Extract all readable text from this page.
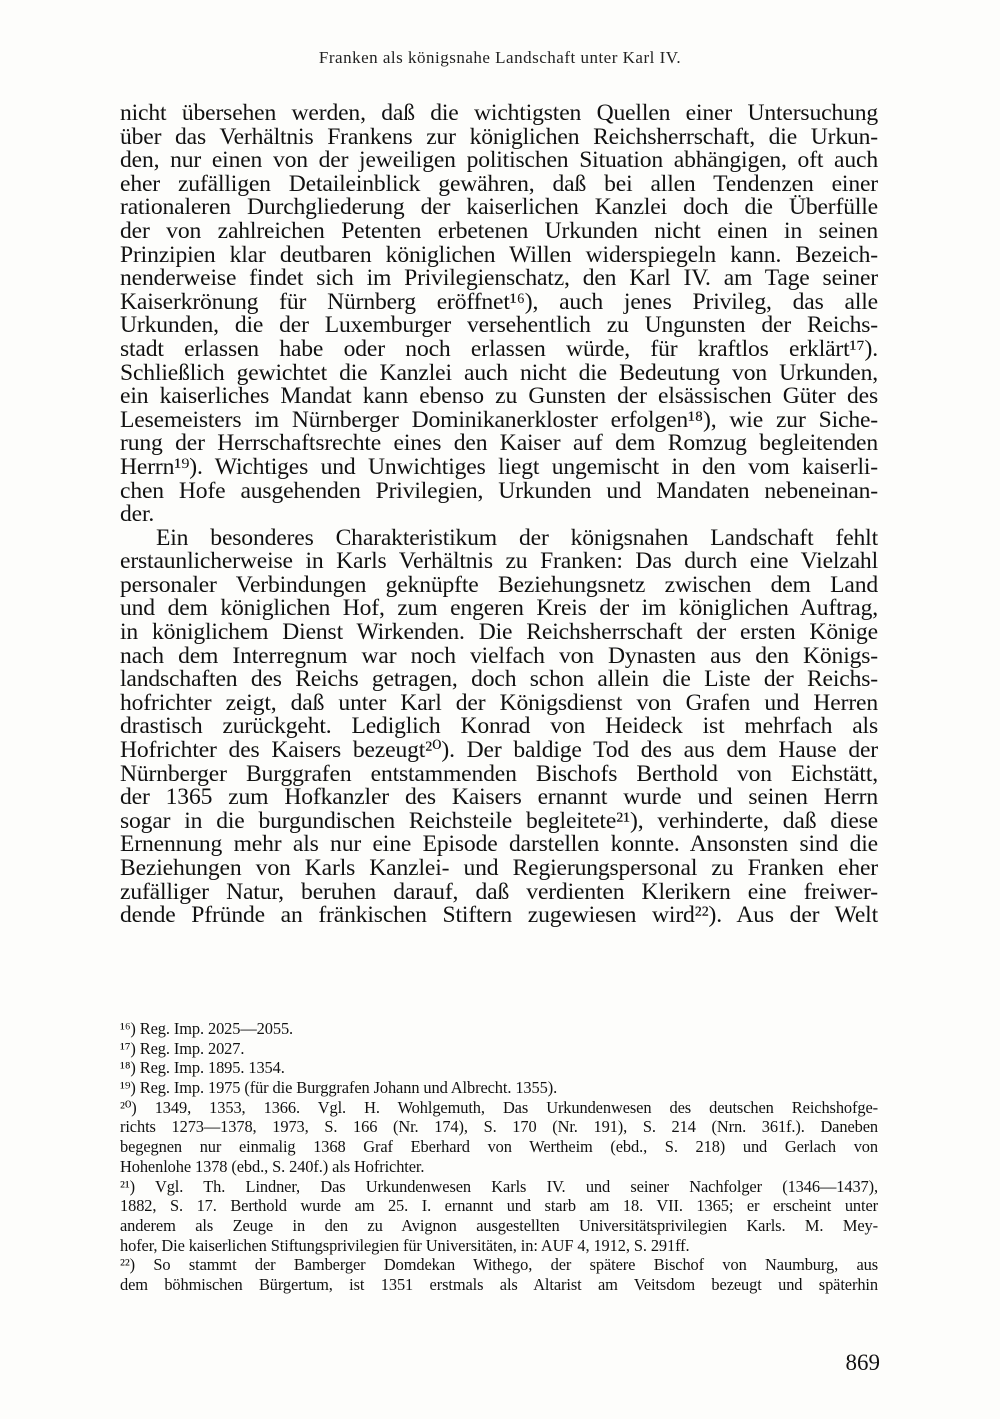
Franken als königsnahe Landschaft unter Karl IV.
nicht übersehen werden, daß die wichtigsten Quellen einer Untersuchung
über das Verhältnis Frankens zur königlichen Reichsherrschaft, die Urkun-
den, nur einen von der jeweiligen politischen Situation abhängigen, oft auch
eher zufälligen Detaileinblick gewähren, daß bei allen Tendenzen einer
rationaleren Durchgliederung der kaiserlichen Kanzlei doch die Überfülle
der von zahlreichen Petenten erbetenen Urkunden nicht einen in seinen
Prinzipien klar deutbaren königlichen Willen widerspiegeln kann. Bezeich-
nenderweise findet sich im Privilegienschatz, den Karl IV. am Tage seiner
Kaiserkrönung für Nürnberg eröffnet¹⁶), auch jenes Privileg, das alle
Urkunden, die der Luxemburger versehentlich zu Ungunsten der Reichs-
stadt erlassen habe oder noch erlassen würde, für kraftlos erklärt¹⁷).
Schließlich gewichtet die Kanzlei auch nicht die Bedeutung von Urkunden,
ein kaiserliches Mandat kann ebenso zu Gunsten der elsässischen Güter des
Lesemeisters im Nürnberger Dominikanerkloster erfolgen¹⁸), wie zur Siche-
rung der Herrschaftsrechte eines den Kaiser auf dem Romzug begleitenden
Herrn¹⁹). Wichtiges und Unwichtiges liegt ungemischt in den vom kaiserli-
chen Hofe ausgehenden Privilegien, Urkunden und Mandaten nebeneinan-
der.
Ein besonderes Charakteristikum der königsnahen Landschaft fehlt
erstaunlicherweise in Karls Verhältnis zu Franken: Das durch eine Vielzahl
personaler Verbindungen geknüpfte Beziehungsnetz zwischen dem Land
und dem königlichen Hof, zum engeren Kreis der im königlichen Auftrag,
in königlichem Dienst Wirkenden. Die Reichsherrschaft der ersten Könige
nach dem Interregnum war noch vielfach von Dynasten aus den Königs-
landschaften des Reichs getragen, doch schon allein die Liste der Reichs-
hofrichter zeigt, daß unter Karl der Königsdienst von Grafen und Herren
drastisch zurückgeht. Lediglich Konrad von Heideck ist mehrfach als
Hofrichter des Kaisers bezeugt²⁰). Der baldige Tod des aus dem Hause der
Nürnberger Burggrafen entstammenden Bischofs Berthold von Eichstätt,
der 1365 zum Hofkanzler des Kaisers ernannt wurde und seinen Herrn
sogar in die burgundischen Reichsteile begleitete²¹), verhinderte, daß diese
Ernennung mehr als nur eine Episode darstellen konnte. Ansonsten sind die
Beziehungen von Karls Kanzlei- und Regierungspersonal zu Franken eher
zufälliger Natur, beruhen darauf, daß verdienten Klerikern eine freiwer-
dende Pfründe an fränkischen Stiftern zugewiesen wird²²). Aus der Welt
¹⁶) Reg. Imp. 2025—2055.
¹⁷) Reg. Imp. 2027.
¹⁸) Reg. Imp. 1895. 1354.
¹⁹) Reg. Imp. 1975 (für die Burggrafen Johann und Albrecht. 1355).
²⁰) 1349, 1353, 1366. Vgl. H. Wohlgemuth, Das Urkundenwesen des deutschen Reichshofge-
richts 1273—1378, 1973, S. 166 (Nr. 174), S. 170 (Nr. 191), S. 214 (Nrn. 361f.). Daneben
begegnen nur einmalig 1368 Graf Eberhard von Wertheim (ebd., S. 218) und Gerlach von
Hohenlohe 1378 (ebd., S. 240f.) als Hofrichter.
²¹) Vgl. Th. Lindner, Das Urkundenwesen Karls IV. und seiner Nachfolger (1346—1437),
1882, S. 17. Berthold wurde am 25. I. ernannt und starb am 18. VII. 1365; er erscheint unter
anderem als Zeuge in den zu Avignon ausgestellten Universitätsprivilegien Karls. M. Mey-
hofer, Die kaiserlichen Stiftungsprivilegien für Universitäten, in: AUF 4, 1912, S. 291ff.
²²) So stammt der Bamberger Domdekan Withego, der spätere Bischof von Naumburg, aus
dem böhmischen Bürgertum, ist 1351 erstmals als Altarist am Veitsdom bezeugt und späterhin
869
